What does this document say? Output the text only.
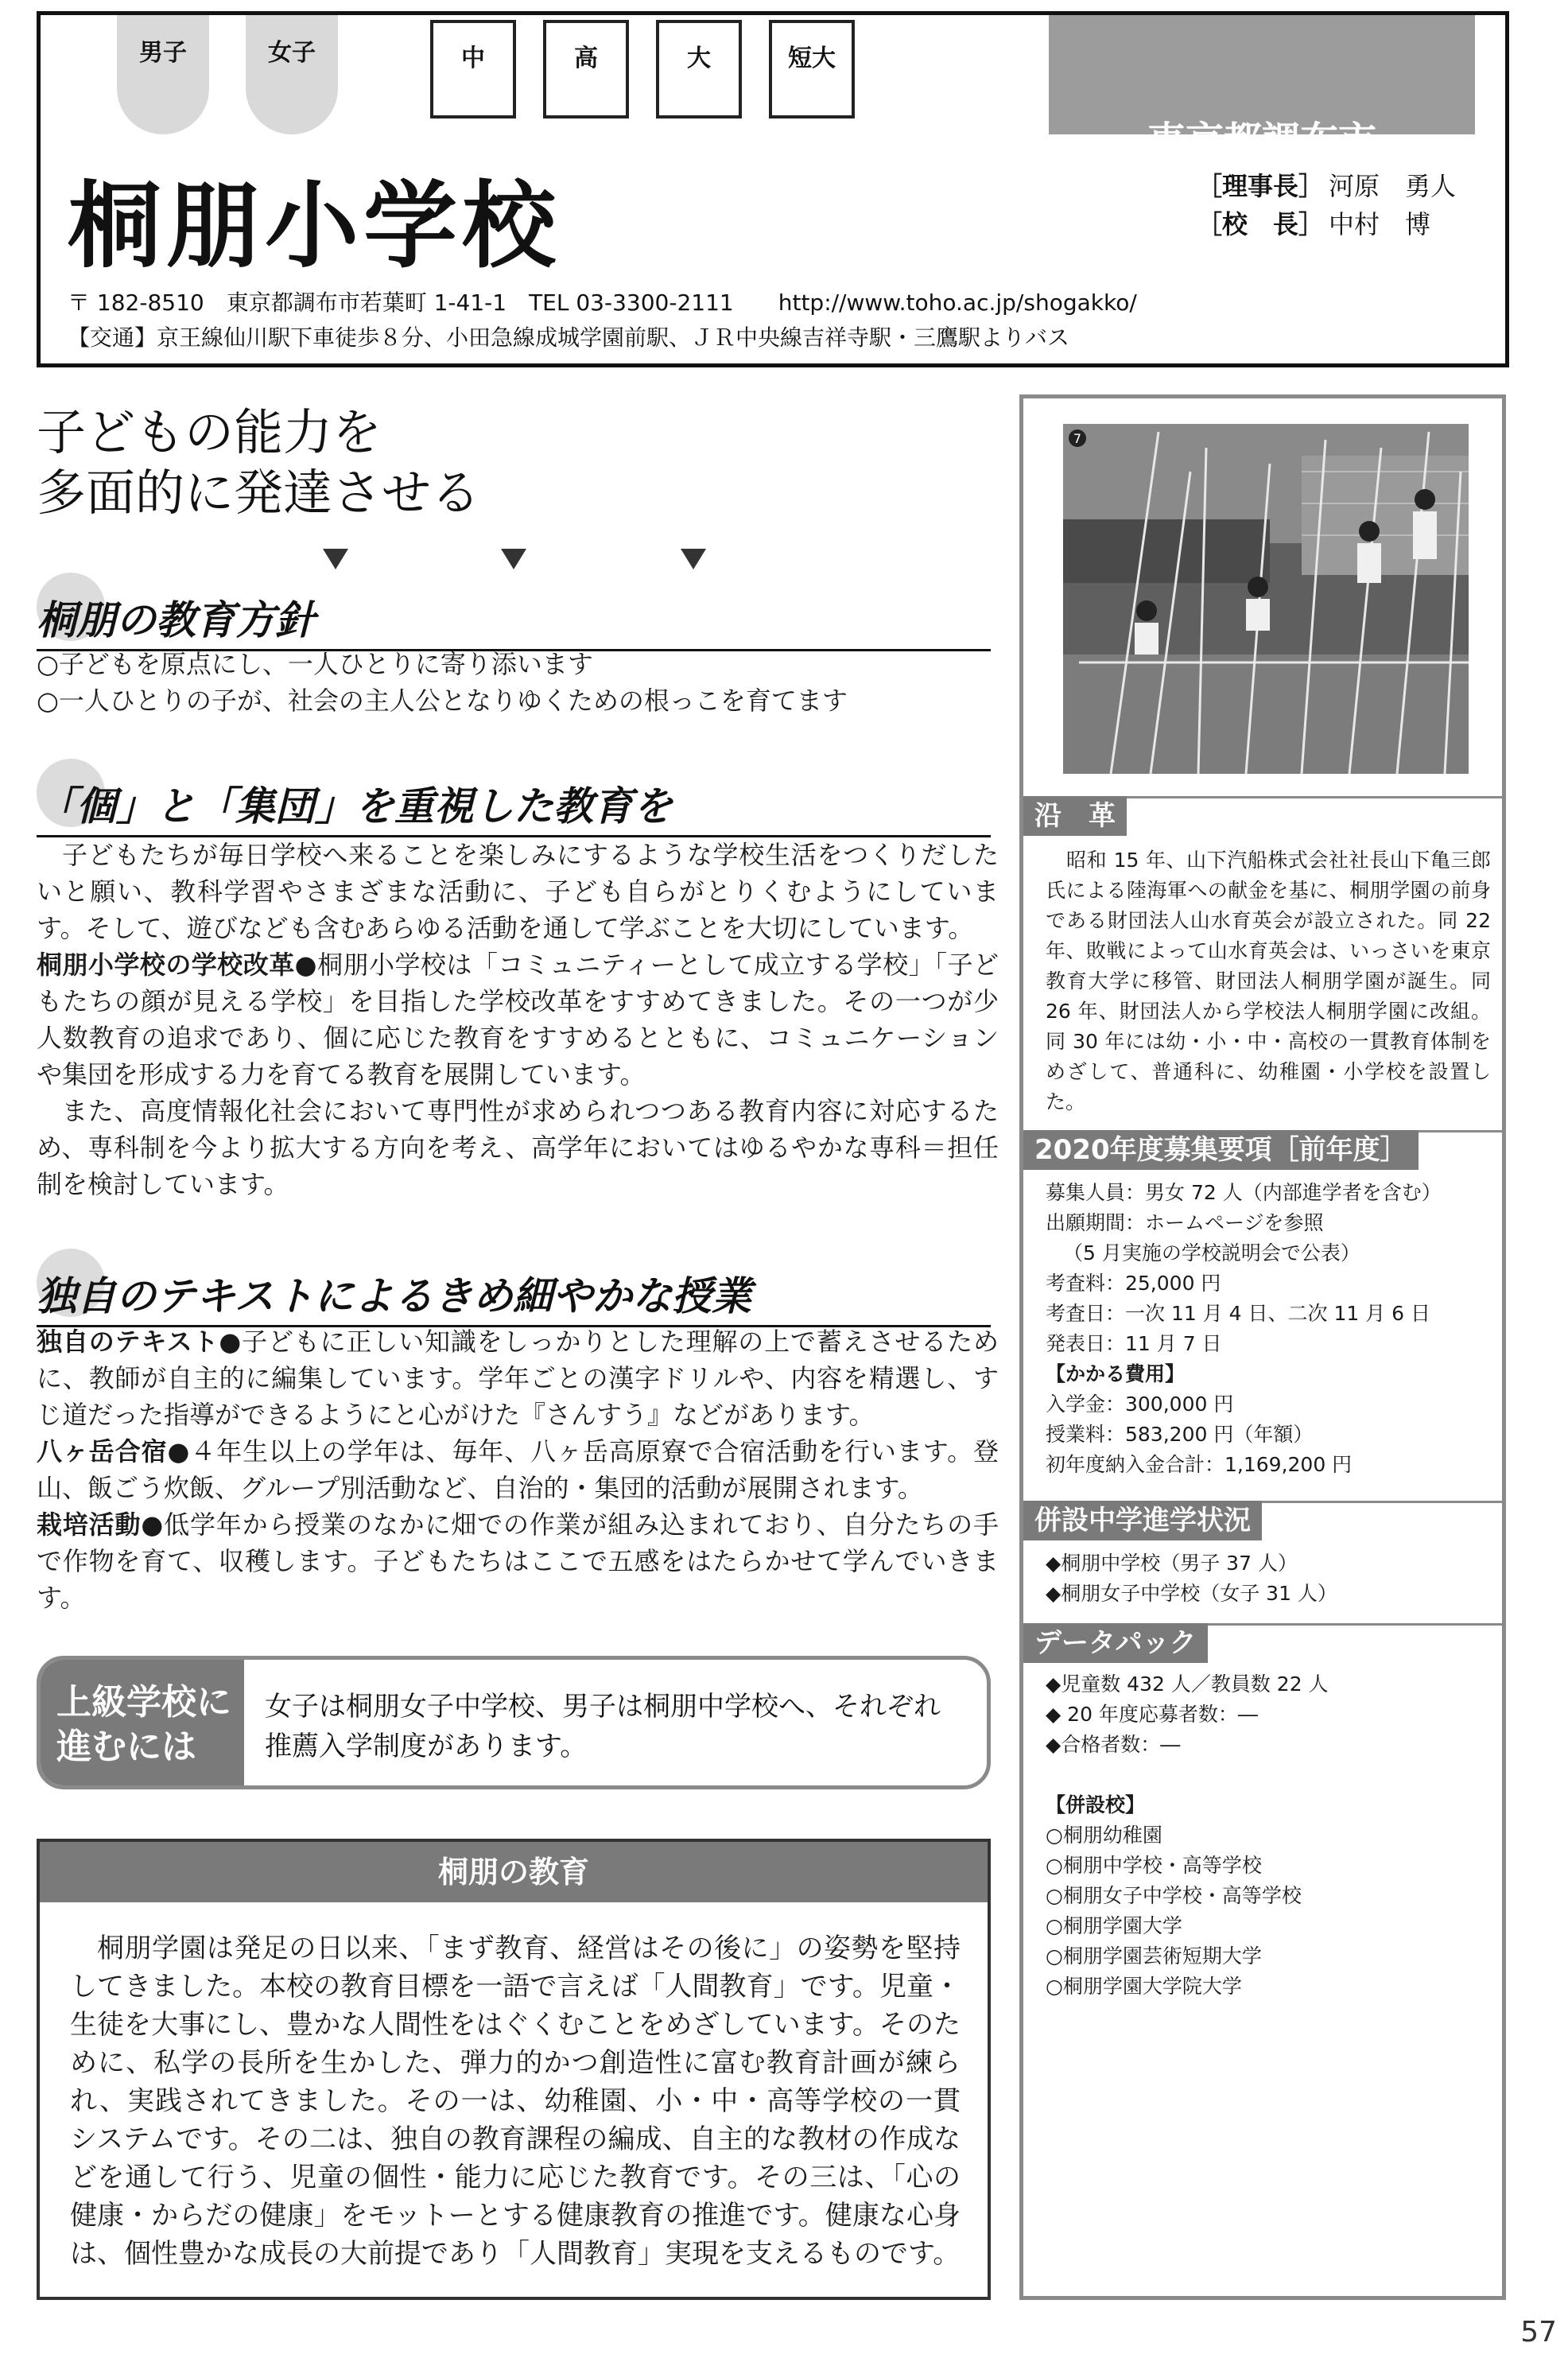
男子	女子	中	高	大	短大
東京都調布市
桐朋小学校	［理事長］ 河原　勇人
［校　長］ 中村　博
〒 182-8510　東京都調布市若葉町 1-41-1　TEL 03-3300-2111　　http://www.toho.ac.jp/shogakko/
【交通】京王線仙川駅下車徒歩８分、小田急線成城学園前駅、ＪＲ中央線吉祥寺駅・三鷹駅よりバス
子どもの能力を
多面的に発達させる
桐朋の教育方針

○子どもを原点にし、一人ひとりに寄り添います

○一人ひとりの子が、社会の主人公となりゆくための根っこを育てます

「個」と「集団」を重視した教育を

子どもたちが毎日学校へ来ることを楽しみにするような学校生活をつくりだしたいと願い、教科学習やさまざまな活動に、子ども自らがとりくむようにしています。そして、遊びなども含むあらゆる活動を通して学ぶことを大切にしています。

桐朋小学校の学校改革●桐朋小学校は「コミュニティーとして成立する学校」「子どもたちの顔が見える学校」を目指した学校改革をすすめてきました。その一つが少人数教育の追求であり、個に応じた教育をすすめるとともに、コミュニケーションや集団を形成する力を育てる教育を展開しています。

また、高度情報化社会において専門性が求められつつある教育内容に対応するため、専科制を今より拡大する方向を考え、高学年においてはゆるやかな専科＝担任制を検討しています。

独自のテキストによるきめ細やかな授業

独自のテキスト●子どもに正しい知識をしっかりとした理解の上で蓄えさせるために、教師が自主的に編集しています。学年ごとの漢字ドリルや、内容を精選し、すじ道だった指導ができるようにと心がけた『さんすう』などがあります。

八ヶ岳合宿●４年生以上の学年は、毎年、八ヶ岳高原寮で合宿活動を行います。登山、飯ごう炊飯、グループ別活動など、自治的・集団的活動が展開されます。

栽培活動●低学年から授業のなかに畑での作業が組み込まれており、自分たちの手で作物を育て、収穫します。子どもたちはここで五感をはたらかせて学んでいきます。

上級学校に
進むには
女子は桐朋女子中学校、男子は桐朋中学校へ、それぞれ推薦入学制度があります。
桐朋の教育
桐朋学園は発足の日以来、「まず教育、経営はその後に」の姿勢を堅持してきました。本校の教育目標を一語で言えば「人間教育」です。児童・生徒を大事にし、豊かな人間性をはぐくむことをめざしています。そのために、私学の長所を生かした、弾力的かつ創造性に富む教育計画が練られ、実践されてきました。その一は、幼稚園、小・中・高等学校の一貫システムです。その二は、独自の教育課程の編成、自主的な教材の作成などを通して行う、児童の個性・能力に応じた教育です。その三は、「心の健康・からだの健康」をモットーとする健康教育の推進です。健康な心身は、個性豊かな成長の大前提であり「人間教育」実現を支えるものです。
7
沿　革
昭和 15 年、山下汽船株式会社社長山下亀三郎氏による陸海軍への献金を基に、桐朋学園の前身である財団法人山水育英会が設立された。同 22 年、敗戦によって山水育英会は、いっさいを東京教育大学に移管、財団法人桐朋学園が誕生。同 26 年、財団法人から学校法人桐朋学園に改組。同 30 年には幼・小・中・高校の一貫教育体制をめざして、普通科に、幼稚園・小学校を設置した。
2020年度募集要項［前年度］

募集人員：男女 72 人（内部進学者を含む）

出願期間：ホームページを参照

（5 月実施の学校説明会で公表）

考査料：25,000 円

考査日：一次 11 月 4 日、二次 11 月 6 日

発表日：11 月 7 日

【かかる費用】

入学金：300,000 円

授業料：583,200 円（年額）

初年度納入金合計：1,169,200 円

併設中学進学状況

◆桐朋中学校（男子 37 人）

◆桐朋女子中学校（女子 31 人）

データパック

◆児童数 432 人／教員数 22 人

◆ 20 年度応募者数：―

◆合格者数：―

【併設校】

○桐朋幼稚園

○桐朋中学校・高等学校

○桐朋女子中学校・高等学校

○桐朋学園大学

○桐朋学園芸術短期大学

○桐朋学園大学院大学

57
